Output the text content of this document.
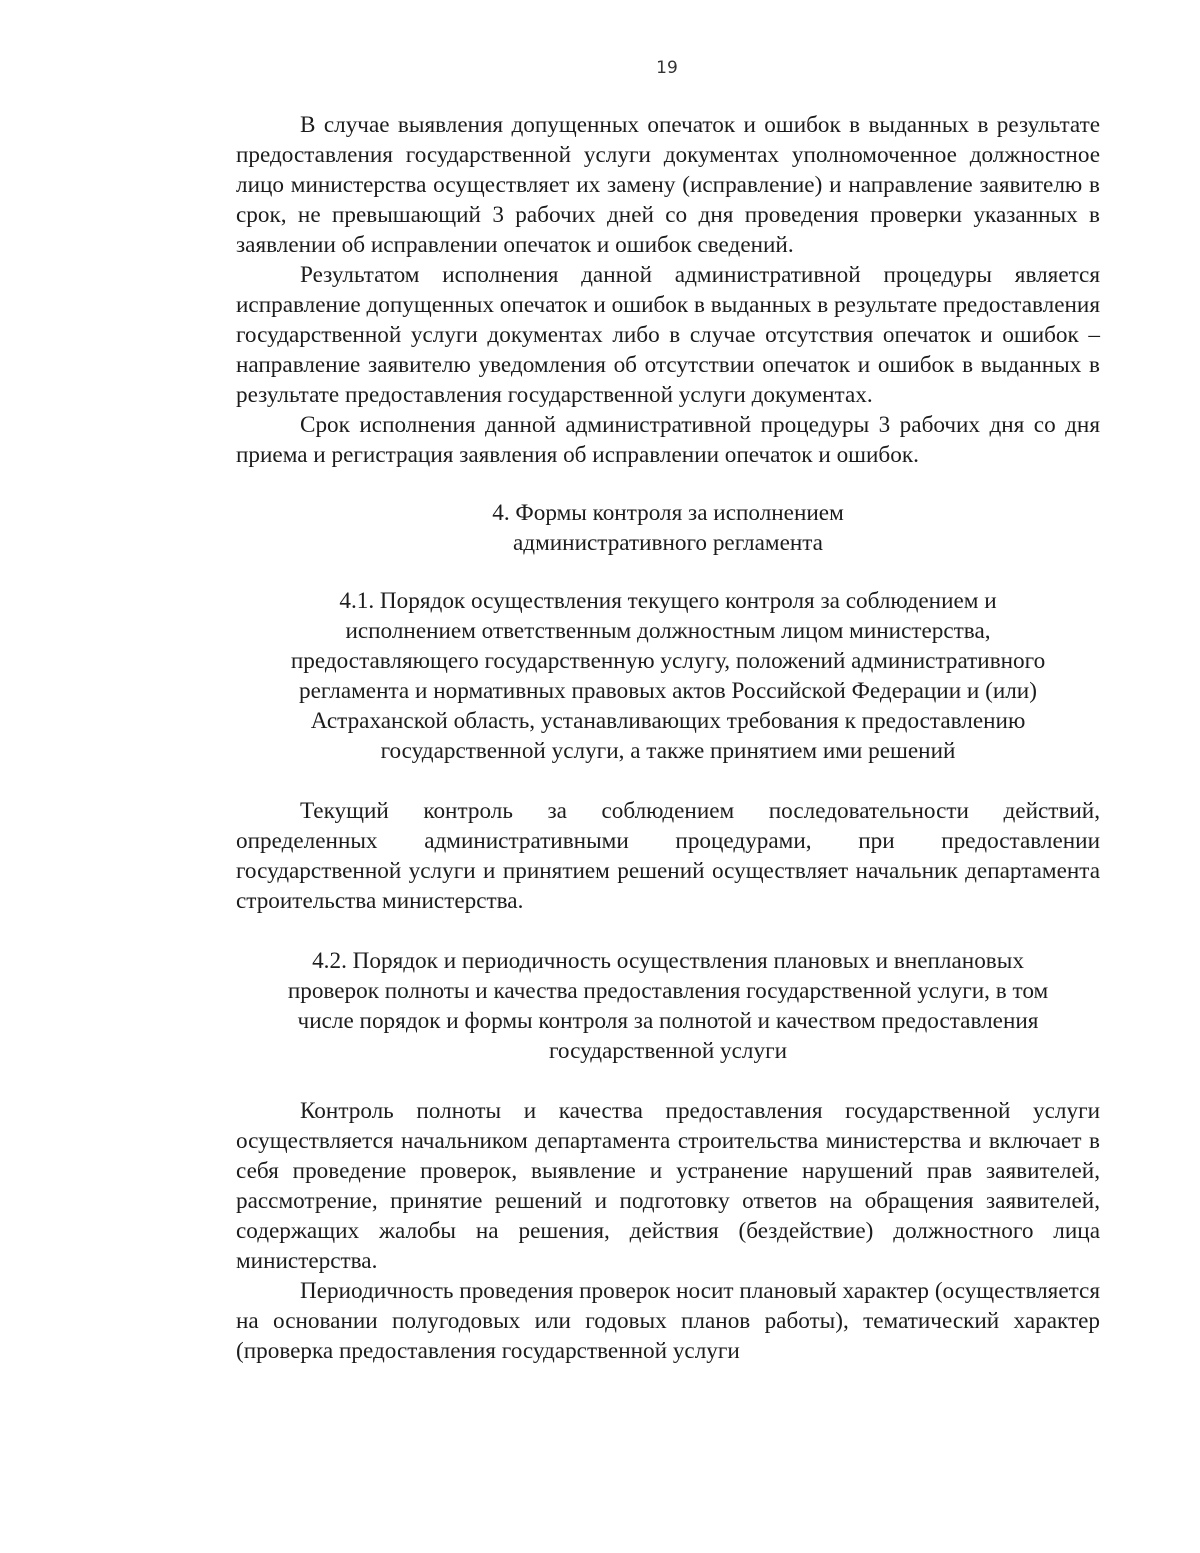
19

В случае выявления допущенных опечаток и ошибок в выданных в результате предоставления государственной услуги документах уполномоченное должностное лицо министерства осуществляет их замену (исправление) и направление заявителю в срок, не превышающий 3 рабочих дней со дня проведения проверки указанных в заявлении об исправлении опечаток и ошибок сведений.

Результатом исполнения данной административной процедуры является исправление допущенных опечаток и ошибок в выданных в результате предоставления государственной услуги документах либо в случае отсутствия опечаток и ошибок – направление заявителю уведомления об отсутствии опечаток и ошибок в выданных в результате предоставления государственной услуги документах.

Срок исполнения данной административной процедуры 3 рабочих дня со дня приема и регистрация заявления об исправлении опечаток и ошибок.

4. Формы контроля за исполнением
административного регламента
4.1. Порядок осуществления текущего контроля за соблюдением и
исполнением ответственным должностным лицом министерства,
предоставляющего государственную услугу, положений административного
регламента и нормативных правовых актов Российской Федерации и (или)
Астраханской область, устанавливающих требования к предоставлению
государственной услуги, а также принятием ими решений

Текущий контроль за соблюдением последовательности действий, определенных административными процедурами, при предоставлении государственной услуги и принятием решений осуществляет начальник департамента строительства министерства.

4.2. Порядок и периодичность осуществления плановых и внеплановых
проверок полноты и качества предоставления государственной услуги, в том
числе порядок и формы контроля за полнотой и качеством предоставления
государственной услуги

Контроль полноты и качества предоставления государственной услуги осуществляется начальником департамента строительства министерства и включает в себя проведение проверок, выявление и устранение нарушений прав заявителей, рассмотрение, принятие решений и подготовку ответов на обращения заявителей, содержащих жалобы на решения, действия (бездействие) должностного лица министерства.

Периодичность проведения проверок носит плановый характер (осуществляется на основании полугодовых или годовых планов работы), тематический характер (проверка предоставления государственной услуги
